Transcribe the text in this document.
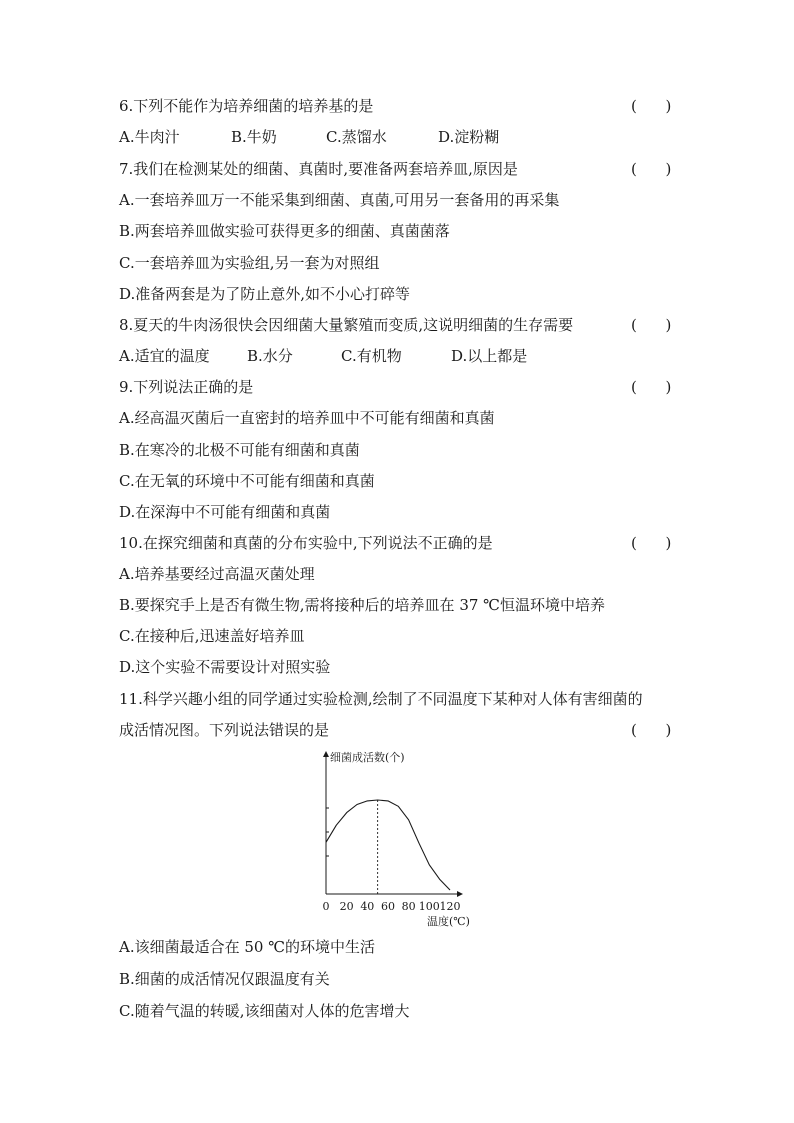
6.下列不能作为培养细菌的培养基的是	(      )
A.牛肉汁	B.牛奶	C.蒸馏水	D.淀粉糊
7.我们在检测某处的细菌、真菌时,要准备两套培养皿,原因是	(      )
A.一套培养皿万一不能采集到细菌、真菌,可用另一套备用的再采集
B.两套培养皿做实验可获得更多的细菌、真菌菌落
C.一套培养皿为实验组,另一套为对照组
D.准备两套是为了防止意外,如不小心打碎等
8.夏天的牛肉汤很快会因细菌大量繁殖而变质,这说明细菌的生存需要	(      )
A.适宜的温度 B.水分	C.有机物	D.以上都是
9.下列说法正确的是	(      )
A.经高温灭菌后一直密封的培养皿中不可能有细菌和真菌
B.在寒冷的北极不可能有细菌和真菌
C.在无氧的环境中不可能有细菌和真菌
D.在深海中不可能有细菌和真菌
10.在探究细菌和真菌的分布实验中,下列说法不正确的是	(      )
A.培养基要经过高温灭菌处理
B.要探究手上是否有微生物,需将接种后的培养皿在 37 ℃恒温环境中培养
C.在接种后,迅速盖好培养皿
D.这个实验不需要设计对照实验
11.科学兴趣小组的同学通过实验检测,绘制了不同温度下某种对人体有害细菌的
成活情况图。下列说法错误的是	(      )
细菌成活数(个)
0 20 40 60 80 100 120
温度(℃)
A.该细菌最适合在 50 ℃的环境中生活
B.细菌的成活情况仅跟温度有关
C.随着气温的转暖,该细菌对人体的危害增大
